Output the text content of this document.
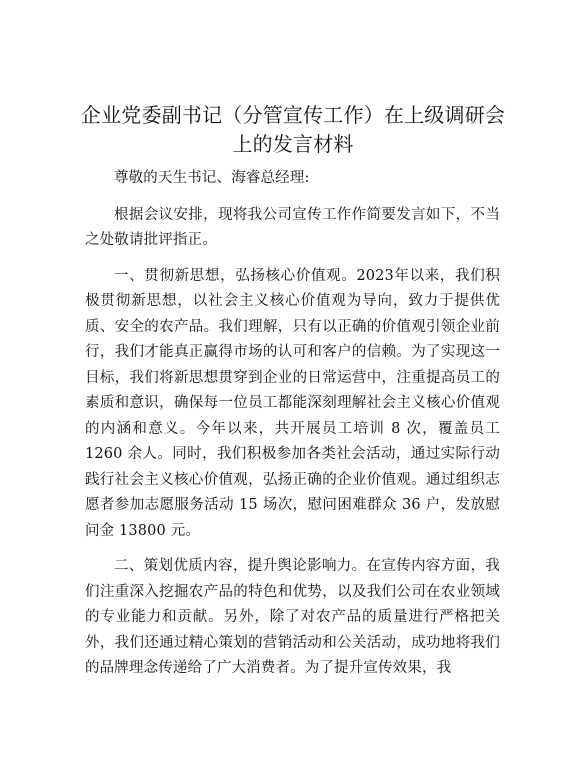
企业党委副书记（分管宣传工作）在上级调研会上的发言材料

尊敬的天生书记、海睿总经理:

根据会议安排，现将我公司宣传工作作简要发言如下，不当之处敬请批评指正。

一、贯彻新思想，弘扬核心价值观。2023年以来，我们积极贯彻新思想，以社会主义核心价值观为导向，致力于提供优质、安全的农产品。我们理解，只有以正确的价值观引领企业前行，我们才能真正赢得市场的认可和客户的信赖。为了实现这一目标，我们将新思想贯穿到企业的日常运营中，注重提高员工的素质和意识，确保每一位员工都能深刻理解社会主义核心价值观的内涵和意义。今年以来，共开展员工培训 8 次，覆盖员工 1260 余人。同时，我们积极参加各类社会活动，通过实际行动践行社会主义核心价值观，弘扬正确的企业价值观。通过组织志愿者参加志愿服务活动 15 场次，慰问困难群众 36 户，发放慰问金 13800 元。

二、策划优质内容，提升舆论影响力。在宣传内容方面，我们注重深入挖掘农产品的特色和优势，以及我们公司在农业领域的专业能力和贡献。另外，除了对农产品的质量进行严格把关外，我们还通过精心策划的营销活动和公关活动，成功地将我们的品牌理念传递给了广大消费者。为了提升宣传效果，我
